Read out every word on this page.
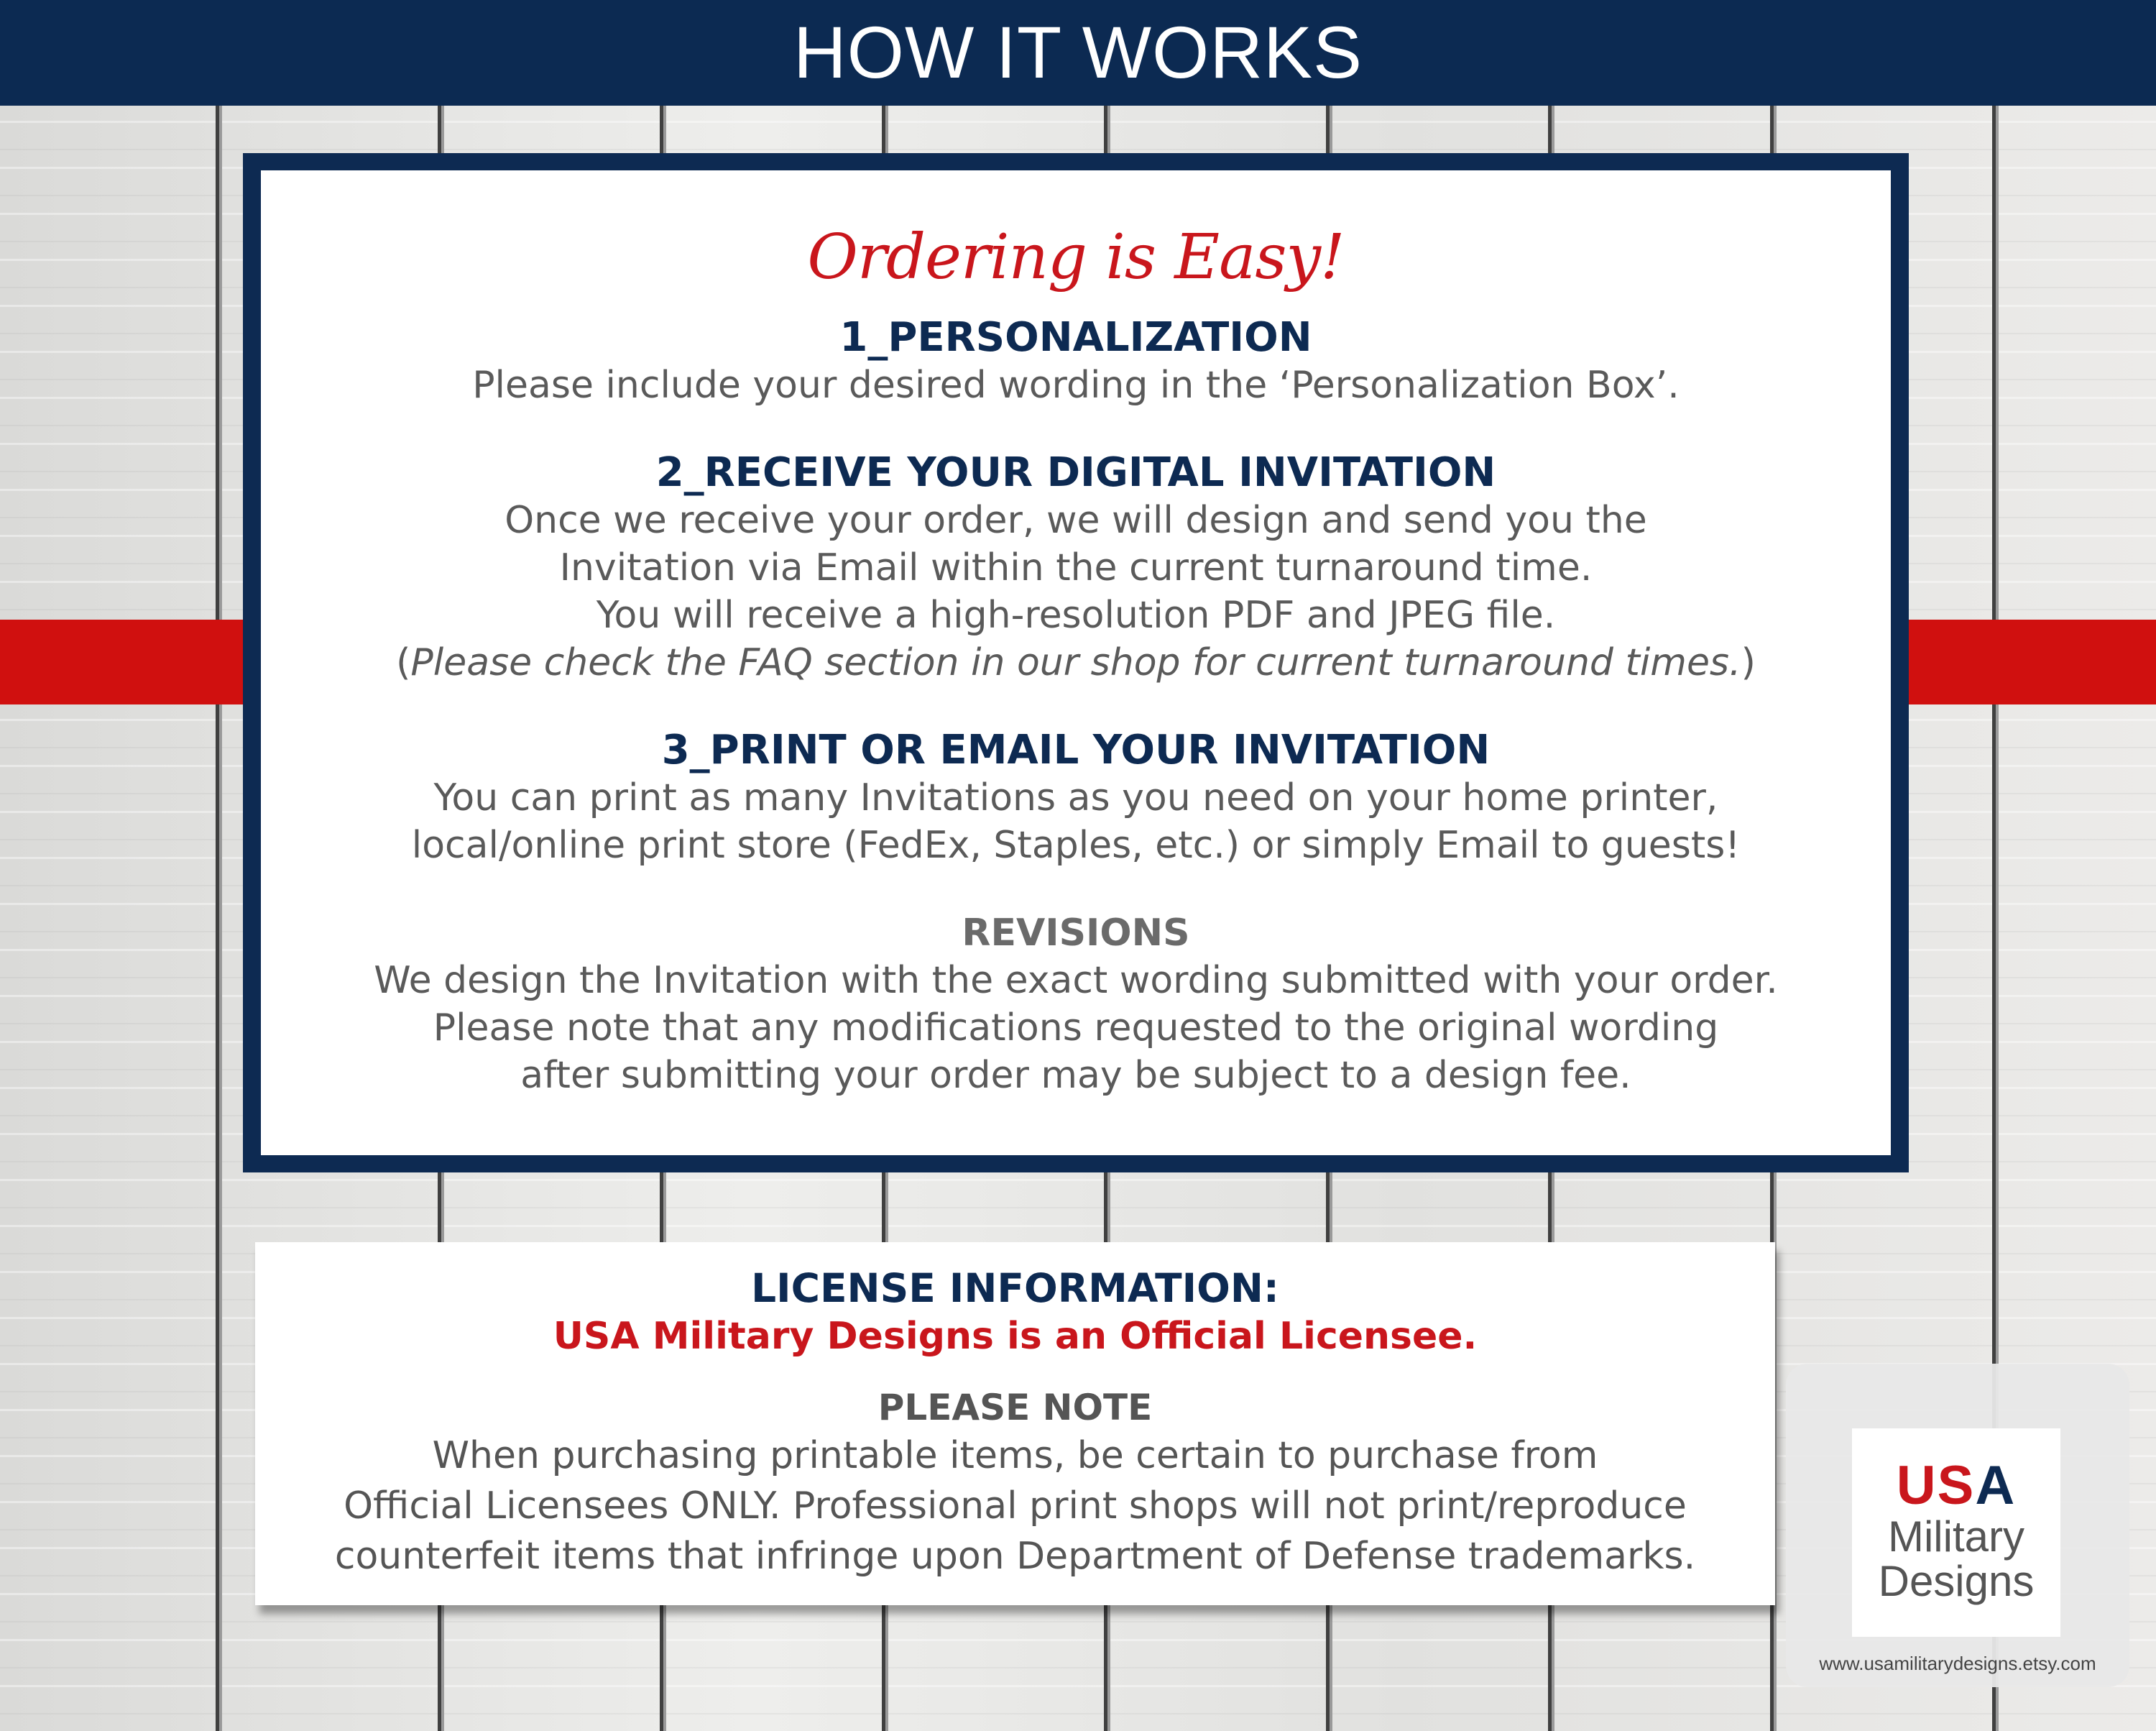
HOW IT WORKS
Ordering is Easy!
1_PERSONALIZATION
Please include your desired wording in the ‘Personalization Box’.
2_RECEIVE YOUR DIGITAL INVITATION
Once we receive your order, we will design and send you the
Invitation via Email within the current turnaround time.
You will receive a high-resolution PDF and JPEG file.
(Please check the FAQ section in our shop for current turnaround times.)
3_PRINT OR EMAIL YOUR INVITATION
You can print as many Invitations as you need on your home printer,
local/online print store (FedEx, Staples, etc.) or simply Email to guests!
REVISIONS
We design the Invitation with the exact wording submitted with your order.
Please note that any modifications requested to the original wording
after submitting your order may be subject to a design fee.
LICENSE INFORMATION:
USA Military Designs is an Official Licensee.
PLEASE NOTE
When purchasing printable items, be certain to purchase from
Official Licensees ONLY. Professional print shops will not print/reproduce
counterfeit items that infringe upon Department of Defense trademarks.
USA
Military
Designs
www.usamilitarydesigns.etsy.com
